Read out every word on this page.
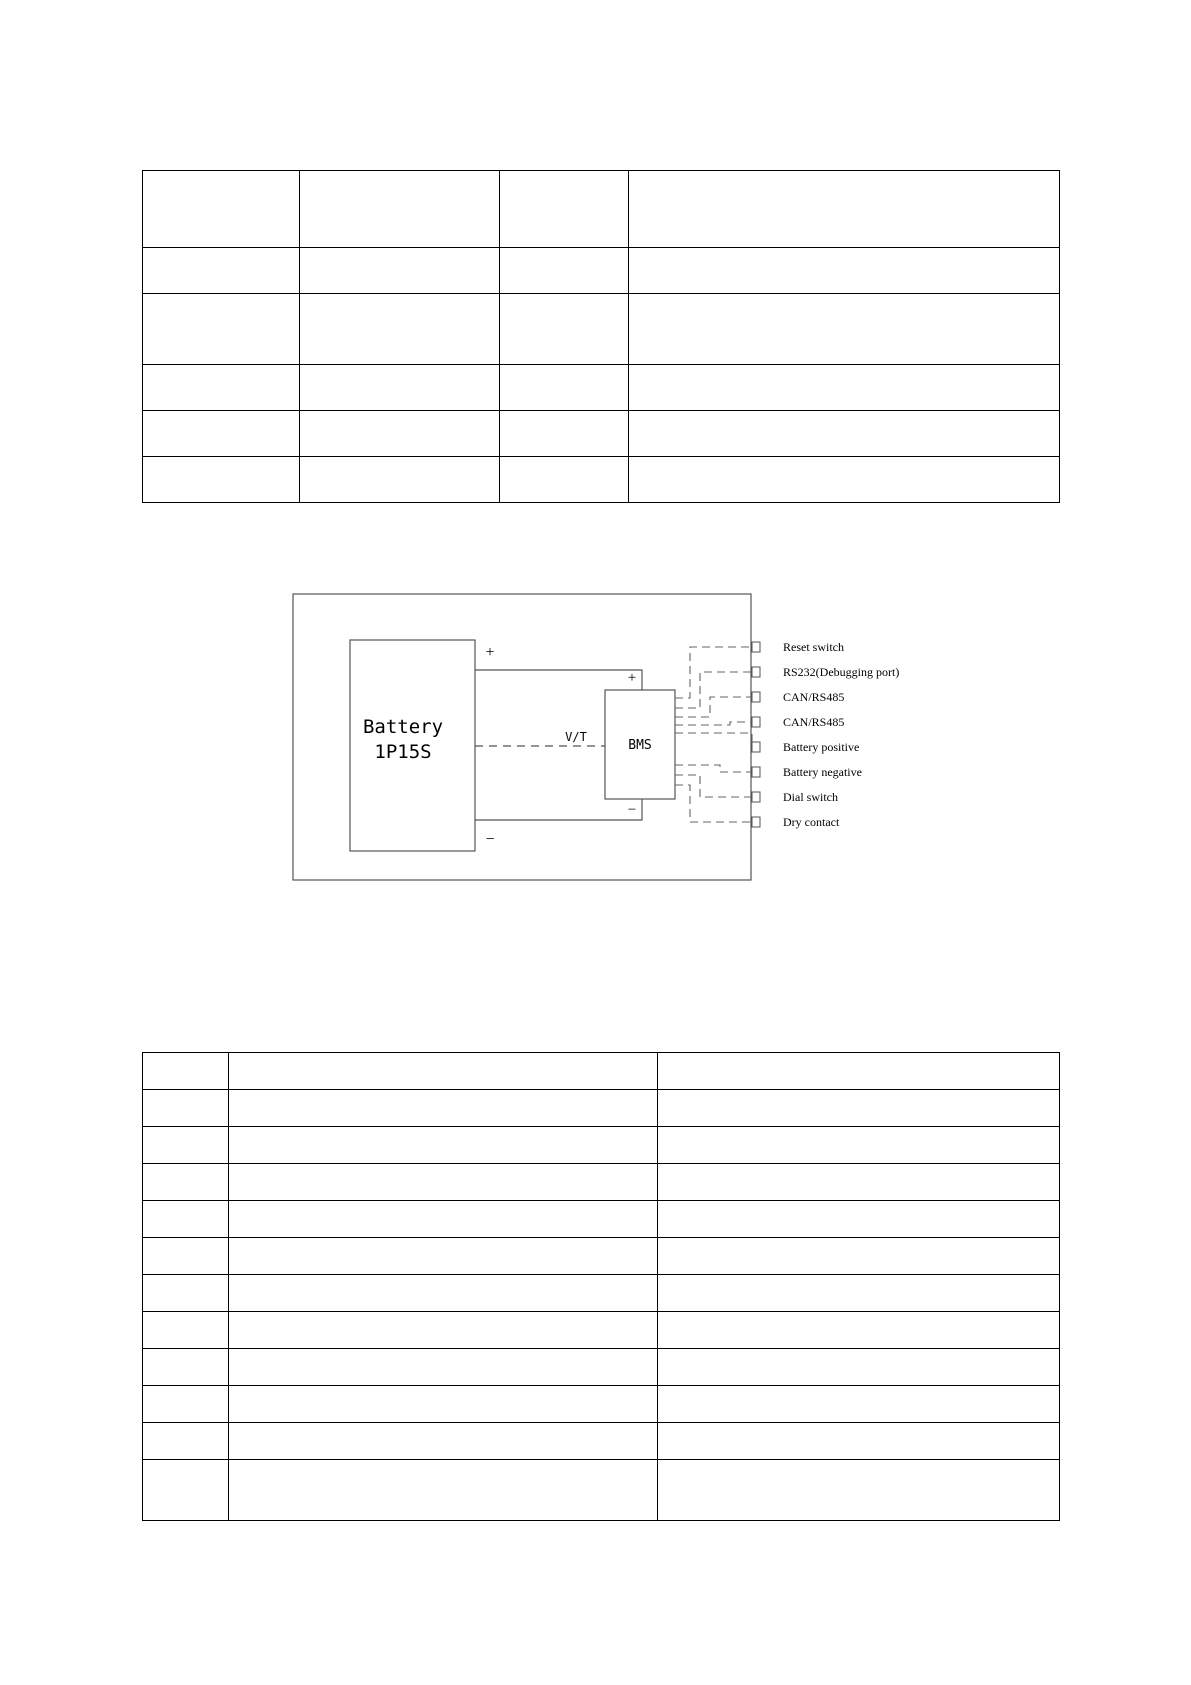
Battery
1P15S
+
−
BMS
+
−
V/T
Reset switch
RS232(Debugging port)
CAN/RS485
CAN/RS485
Battery positive
Battery negative
Dial switch
Dry contact
